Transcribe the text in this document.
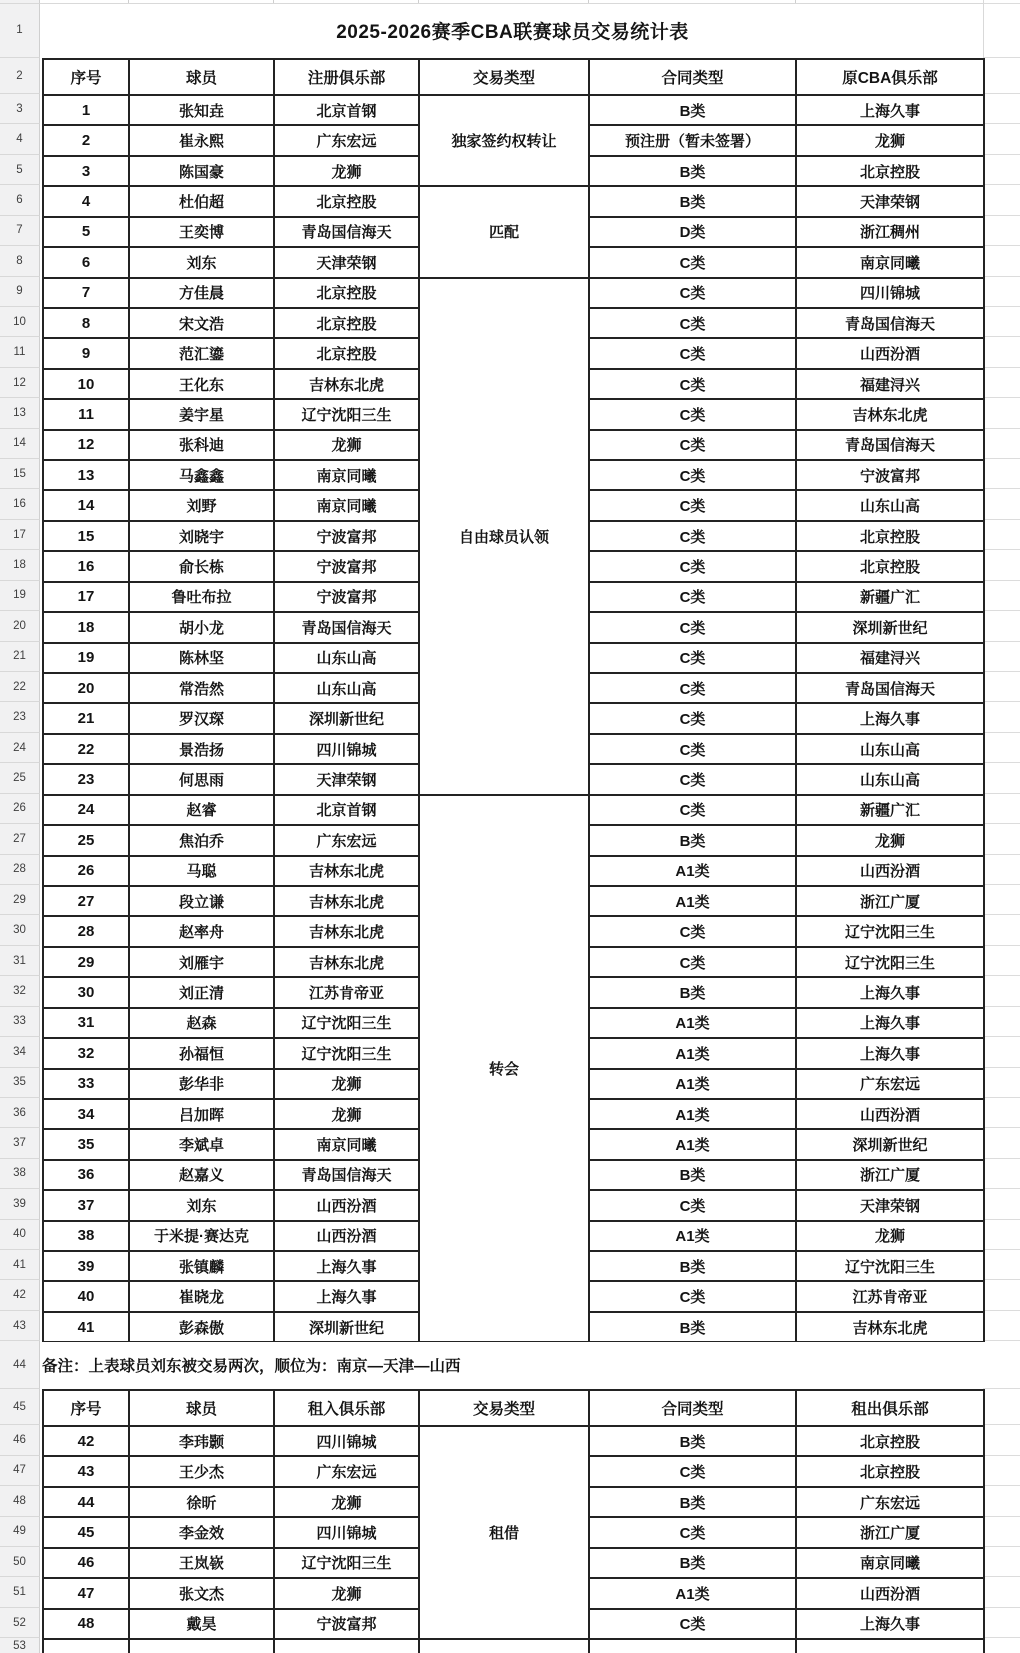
1
2
3
4
5
6
7
8
9
10
11
12
13
14
15
16
17
18
19
20
21
22
23
24
25
26
27
28
29
30
31
32
33
34
35
36
37
38
39
40
41
42
43
44
45
46
47
48
49
50
51
52
53
2025-2026赛季CBA联赛球员交易统计表
序号	球员	注册俱乐部	交易类型	合同类型	原CBA俱乐部
1	张知垚	北京首钢	独家签约权转让	B类	上海久事
2	崔永熙	广东宏远		预注册（暂未签署）	龙狮
3	陈国豪	龙狮		B类	北京控股
4	杜伯超	北京控股	匹配	B类	天津荣钢
5	王奕博	青岛国信海天		D类	浙江稠州
6	刘东	天津荣钢		C类	南京同曦
7	方佳晨	北京控股	自由球员认领	C类	四川锦城
8	宋文浩	北京控股		C类	青岛国信海天
9	范汇鎏	北京控股		C类	山西汾酒
10	王化东	吉林东北虎		C类	福建浔兴
11	姜宇星	辽宁沈阳三生		C类	吉林东北虎
12	张科迪	龙狮		C类	青岛国信海天
13	马鑫鑫	南京同曦		C类	宁波富邦
14	刘野	南京同曦		C类	山东山高
15	刘晓宇	宁波富邦		C类	北京控股
16	俞长栋	宁波富邦		C类	北京控股
17	鲁吐布拉	宁波富邦		C类	新疆广汇
18	胡小龙	青岛国信海天		C类	深圳新世纪
19	陈林坚	山东山高		C类	福建浔兴
20	常浩然	山东山高		C类	青岛国信海天
21	罗汉琛	深圳新世纪		C类	上海久事
22	景浩扬	四川锦城		C类	山东山高
23	何思雨	天津荣钢		C类	山东山高
24	赵睿	北京首钢	转会	C类	新疆广汇
25	焦泊乔	广东宏远		B类	龙狮
26	马聪	吉林东北虎		A1类	山西汾酒
27	段立谦	吉林东北虎		A1类	浙江广厦
28	赵率舟	吉林东北虎		C类	辽宁沈阳三生
29	刘雁宇	吉林东北虎		C类	辽宁沈阳三生
30	刘正清	江苏肯帝亚		B类	上海久事
31	赵森	辽宁沈阳三生		A1类	上海久事
32	孙福恒	辽宁沈阳三生		A1类	上海久事
33	彭华非	龙狮		A1类	广东宏远
34	吕加晖	龙狮		A1类	山西汾酒
35	李斌卓	南京同曦		A1类	深圳新世纪
36	赵嘉义	青岛国信海天		B类	浙江广厦
37	刘东	山西汾酒		C类	天津荣钢
38	于米提·赛达克	山西汾酒		A1类	龙狮
39	张镇麟	上海久事		B类	辽宁沈阳三生
40	崔晓龙	上海久事		C类	江苏肯帝亚
41	彭森傲	深圳新世纪		B类	吉林东北虎
备注：上表球员刘东被交易两次，顺位为：南京—天津—山西
序号	球员	租入俱乐部	交易类型	合同类型	租出俱乐部
42	李玮颢	四川锦城	租借	B类	北京控股
43	王少杰	广东宏远		C类	北京控股
44	徐昕	龙狮		B类	广东宏远
45	李金效	四川锦城		C类	浙江广厦
46	王岚嵚	辽宁沈阳三生		B类	南京同曦
47	张文杰	龙狮		A1类	山西汾酒
48	戴昊	宁波富邦		C类	上海久事
